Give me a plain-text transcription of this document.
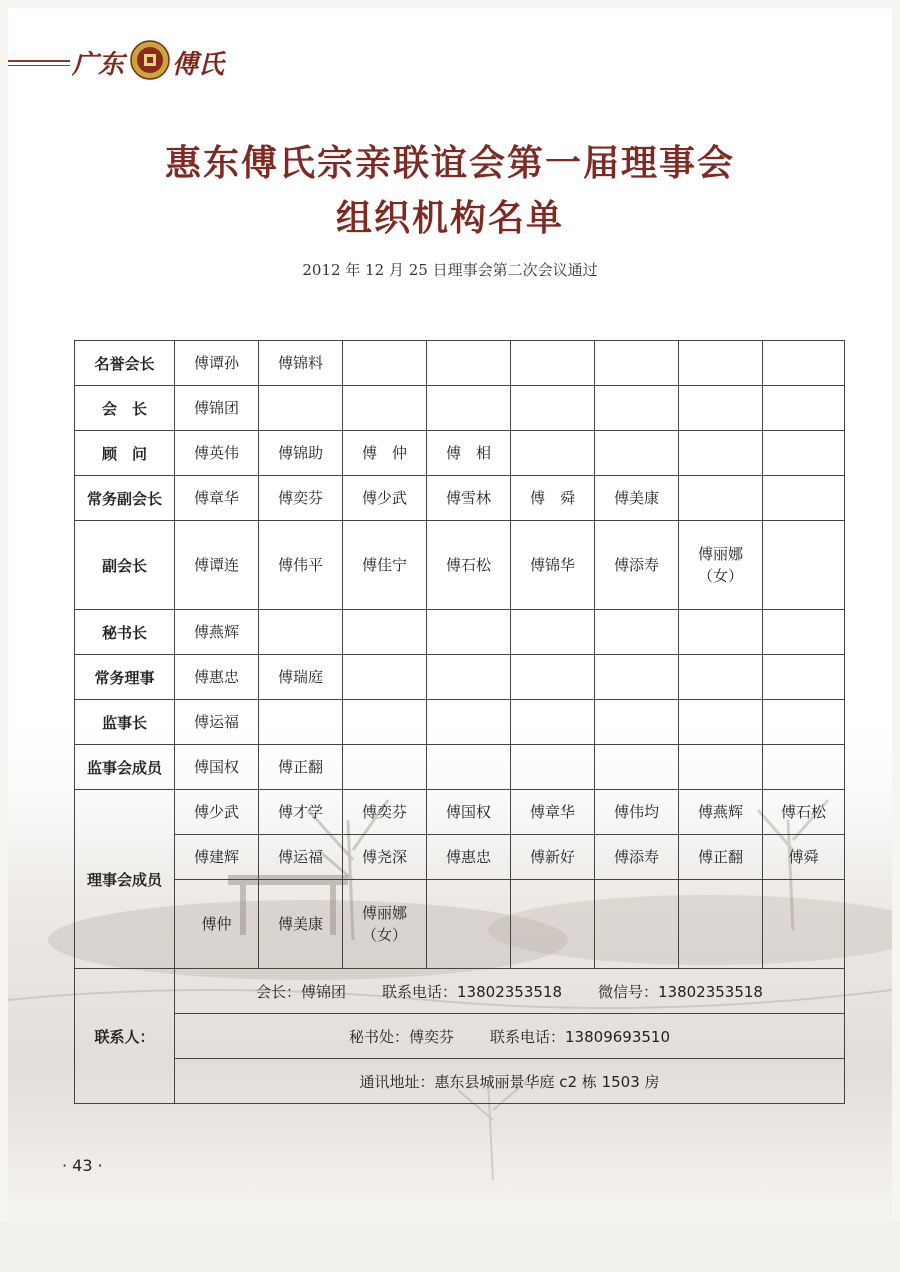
广东 傅氏
惠东傅氏宗亲联谊会第一届理事会
组织机构名单
2012 年 12 月 25 日理事会第二次会议通过
名誉会长	傅谭孙	傅锦料						
会　长	傅锦团							
顾　问	傅英伟	傅锦助	傅　仲	傅　相				
常务副会长	傅章华	傅奕芬	傅少武	傅雪林	傅　舜	傅美康		
副会长	傅谭连	傅伟平	傅佳宁	傅石松	傅锦华	傅添寿	傅丽娜
（女）	
秘书长	傅燕辉							
常务理事	傅惠忠	傅瑞庭						
监事长	傅运福							
监事会成员	傅国权	傅正翻						
理事会成员	傅少武	傅才学	傅奕芬	傅国权	傅章华	傅伟均	傅燕辉	傅石松
	傅建辉	傅运福	傅尧深	傅惠忠	傅新好	傅添寿	傅正翻	傅舜
	傅仲	傅美康	傅丽娜
（女）					
联系人：	会长：傅锦团 联系电话：13802353518 微信号：13802353518							
	秘书处：傅奕芬 联系电话：13809693510							
	通讯地址：惠东县城丽景华庭 c2 栋 1503 房							
· 43 ·
